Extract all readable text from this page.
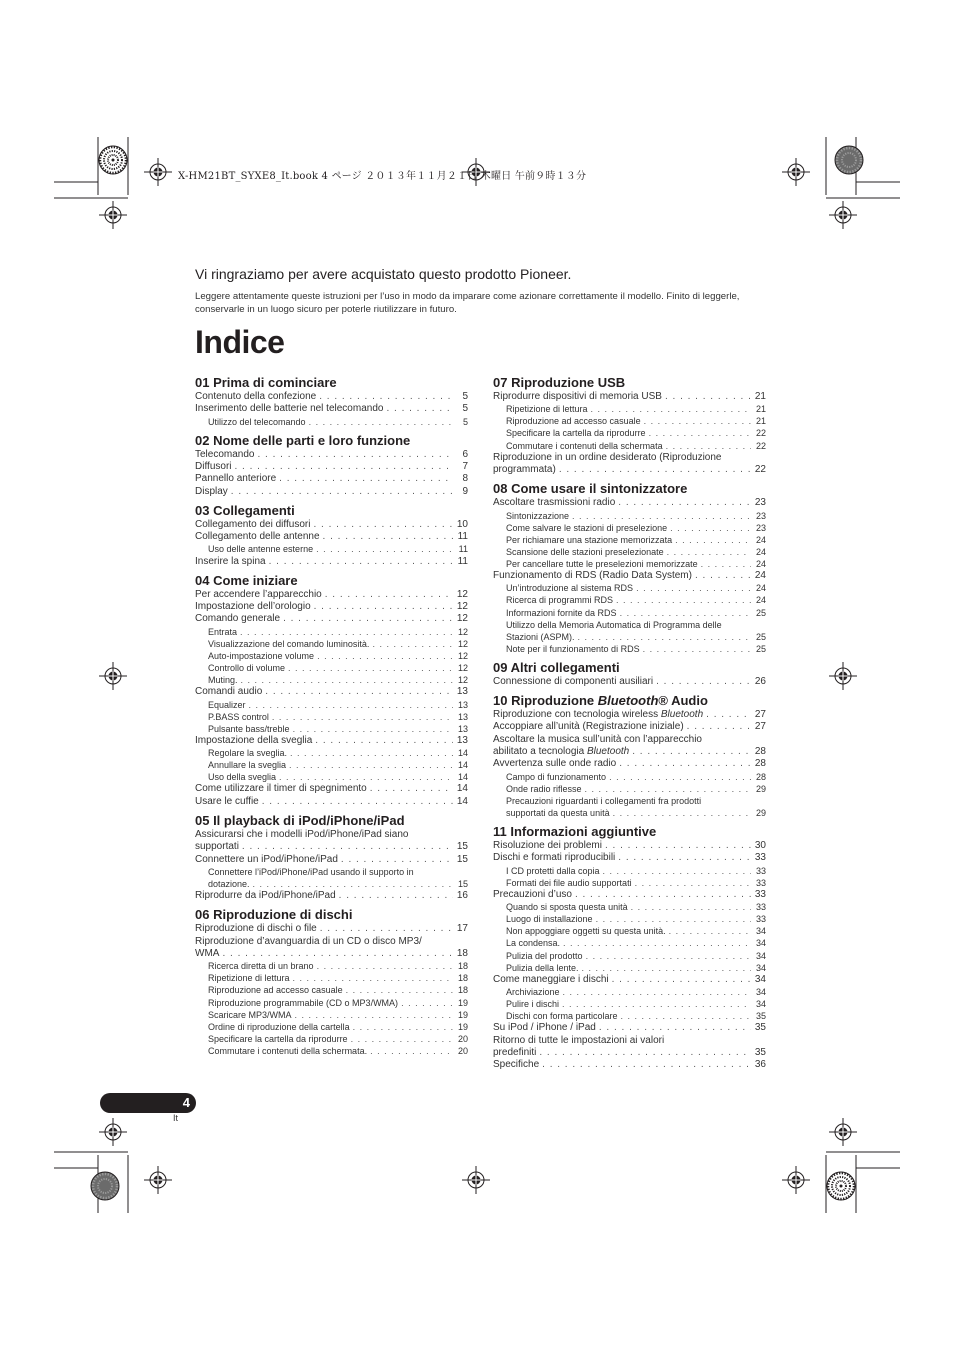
X-HM21BT_SYXE8_It.book 4 ページ ２０１３年１１月２１日 木曜日 午前９時１３分
Vi ringraziamo per avere acquistato questo prodotto Pioneer.
Leggere attentamente queste istruzioni per l’uso in modo da imparare come azionare correttamente il modello. Finito di leggerle, conservarle in un luogo sicuro per poterle riutilizzare in futuro.
Indice
01 Prima di cominciare
Contenuto della confezione . . .	5
Inserimento delle batterie nel telecomando . . .	5
Utilizzo del telecomando . . .	5
02 Nome delle parti e loro funzione
Telecomando . . .	6
Diffusori . . .	7
Pannello anteriore . . .	8
Display . . .	9
03 Collegamenti
Collegamento dei diffusori . . .	10
Collegamento delle antenne . . .	11
Uso delle antenne esterne . . .	11
Inserire la spina . . .	11
04 Come iniziare
Per accendere l’apparecchio . . .	12
Impostazione dell’orologio . . .	12
Comando generale . . .	12
Entrata . . .	12
Visualizzazione del comando luminosità. . . .	12
Auto-impostazione volume . . .	12
Controllo di volume . . .	12
Muting. . . .	12
Comandi audio . . .	13
Equalizer . . .	13
P.BASS control . . .	13
Pulsante bass/treble . . .	13
Impostazione della sveglia . . .	13
Regolare la sveglia. . . .	14
Annullare la sveglia . . .	14
Uso della sveglia . . .	14
Come utilizzare il timer di spegnimento . . .	14
Usare le cuffie . . .	14
05 Il playback di iPod/iPhone/iPad
Assicurarsi che i modelli iPod/iPhone/iPad siano
supportati . . .	15
Connettere un iPod/iPhone/iPad . . .	15
Connettere l’iPod/iPhone/iPad usando il supporto in
dotazione. . . .	15
Riprodurre da iPod/iPhone/iPad . . .	16
06 Riproduzione di dischi
Riproduzione di dischi o file . . .	17
Riproduzione d’avanguardia di un CD o disco MP3/
WMA . . .	18
Ricerca diretta di un brano . . .	18
Ripetizione di lettura . . .	18
Riproduzione ad accesso casuale . . .	18
Riproduzione programmabile (CD o MP3/WMA) . . .	19
Scaricare MP3/WMA . . .	19
Ordine di riproduzione della cartella . . .	19
Specificare la cartella da riprodurre . . .	20
Commutare i contenuti della schermata. . . .	20
07 Riproduzione USB
Riprodurre dispositivi di memoria USB . . .	21
Ripetizione di lettura . . .	21
Riproduzione ad accesso casuale . . .	21
Specificare la cartella da riprodurre . . .	22
Commutare i contenuti della schermata . . .	22
Riproduzione in un ordine desiderato (Riproduzione
programmata) . . .	22
08 Come usare il sintonizzatore
Ascoltare trasmissioni radio . . .	23
Sintonizzazione . . .	23
Come salvare le stazioni di preselezione . . .	23
Per richiamare una stazione memorizzata . . .	24
Scansione delle stazioni preselezionate . . .	24
Per cancellare tutte le preselezioni memorizzate . . .	24
Funzionamento di RDS (Radio Data System) . . .	24
Un’introduzione al sistema RDS . . .	24
Ricerca di programmi RDS . . .	24
Informazioni fornite da RDS . . .	25
Utilizzo della Memoria Automatica di Programma delle
Stazioni (ASPM). . . .	25
Note per il funzionamento di RDS . . .	25
09 Altri collegamenti
Connessione di componenti ausiliari . . .	26
10 Riproduzione Bluetooth® Audio
Riproduzione con tecnologia wireless Bluetooth . . .	27
Accoppiare all’unità (Registrazione iniziale) . . .	27
Ascoltare la musica sull’unità con l’apparecchio
abilitato a tecnologia Bluetooth . . .	28
Avvertenza sulle onde radio . . .	28
Campo di funzionamento . . .	28
Onde radio riflesse . . .	29
Precauzioni riguardanti i collegamenti fra prodotti
supportati da questa unità . . .	29
11 Informazioni aggiuntive
Risoluzione dei problemi . . .	30
Dischi e formati riproducibili . . .	33
I CD protetti dalla copia . . .	33
Formati dei file audio supportati . . .	33
Precauzioni d’uso . . .	33
Quando si sposta questa unità . . .	33
Luogo di installazione . . .	33
Non appoggiare oggetti su questa unità. . . .	34
La condensa. . . .	34
Pulizia del prodotto . . .	34
Pulizia della lente. . . .	34
Come maneggiare i dischi . . .	34
Archiviazione . . .	34
Pulire i dischi . . .	34
Dischi con forma particolare . . .	35
Su iPod / iPhone / iPad . . .	35
Ritorno di tutte le impostazioni ai valori
predefiniti . . .	35
Specifiche . . .	36
4
It
